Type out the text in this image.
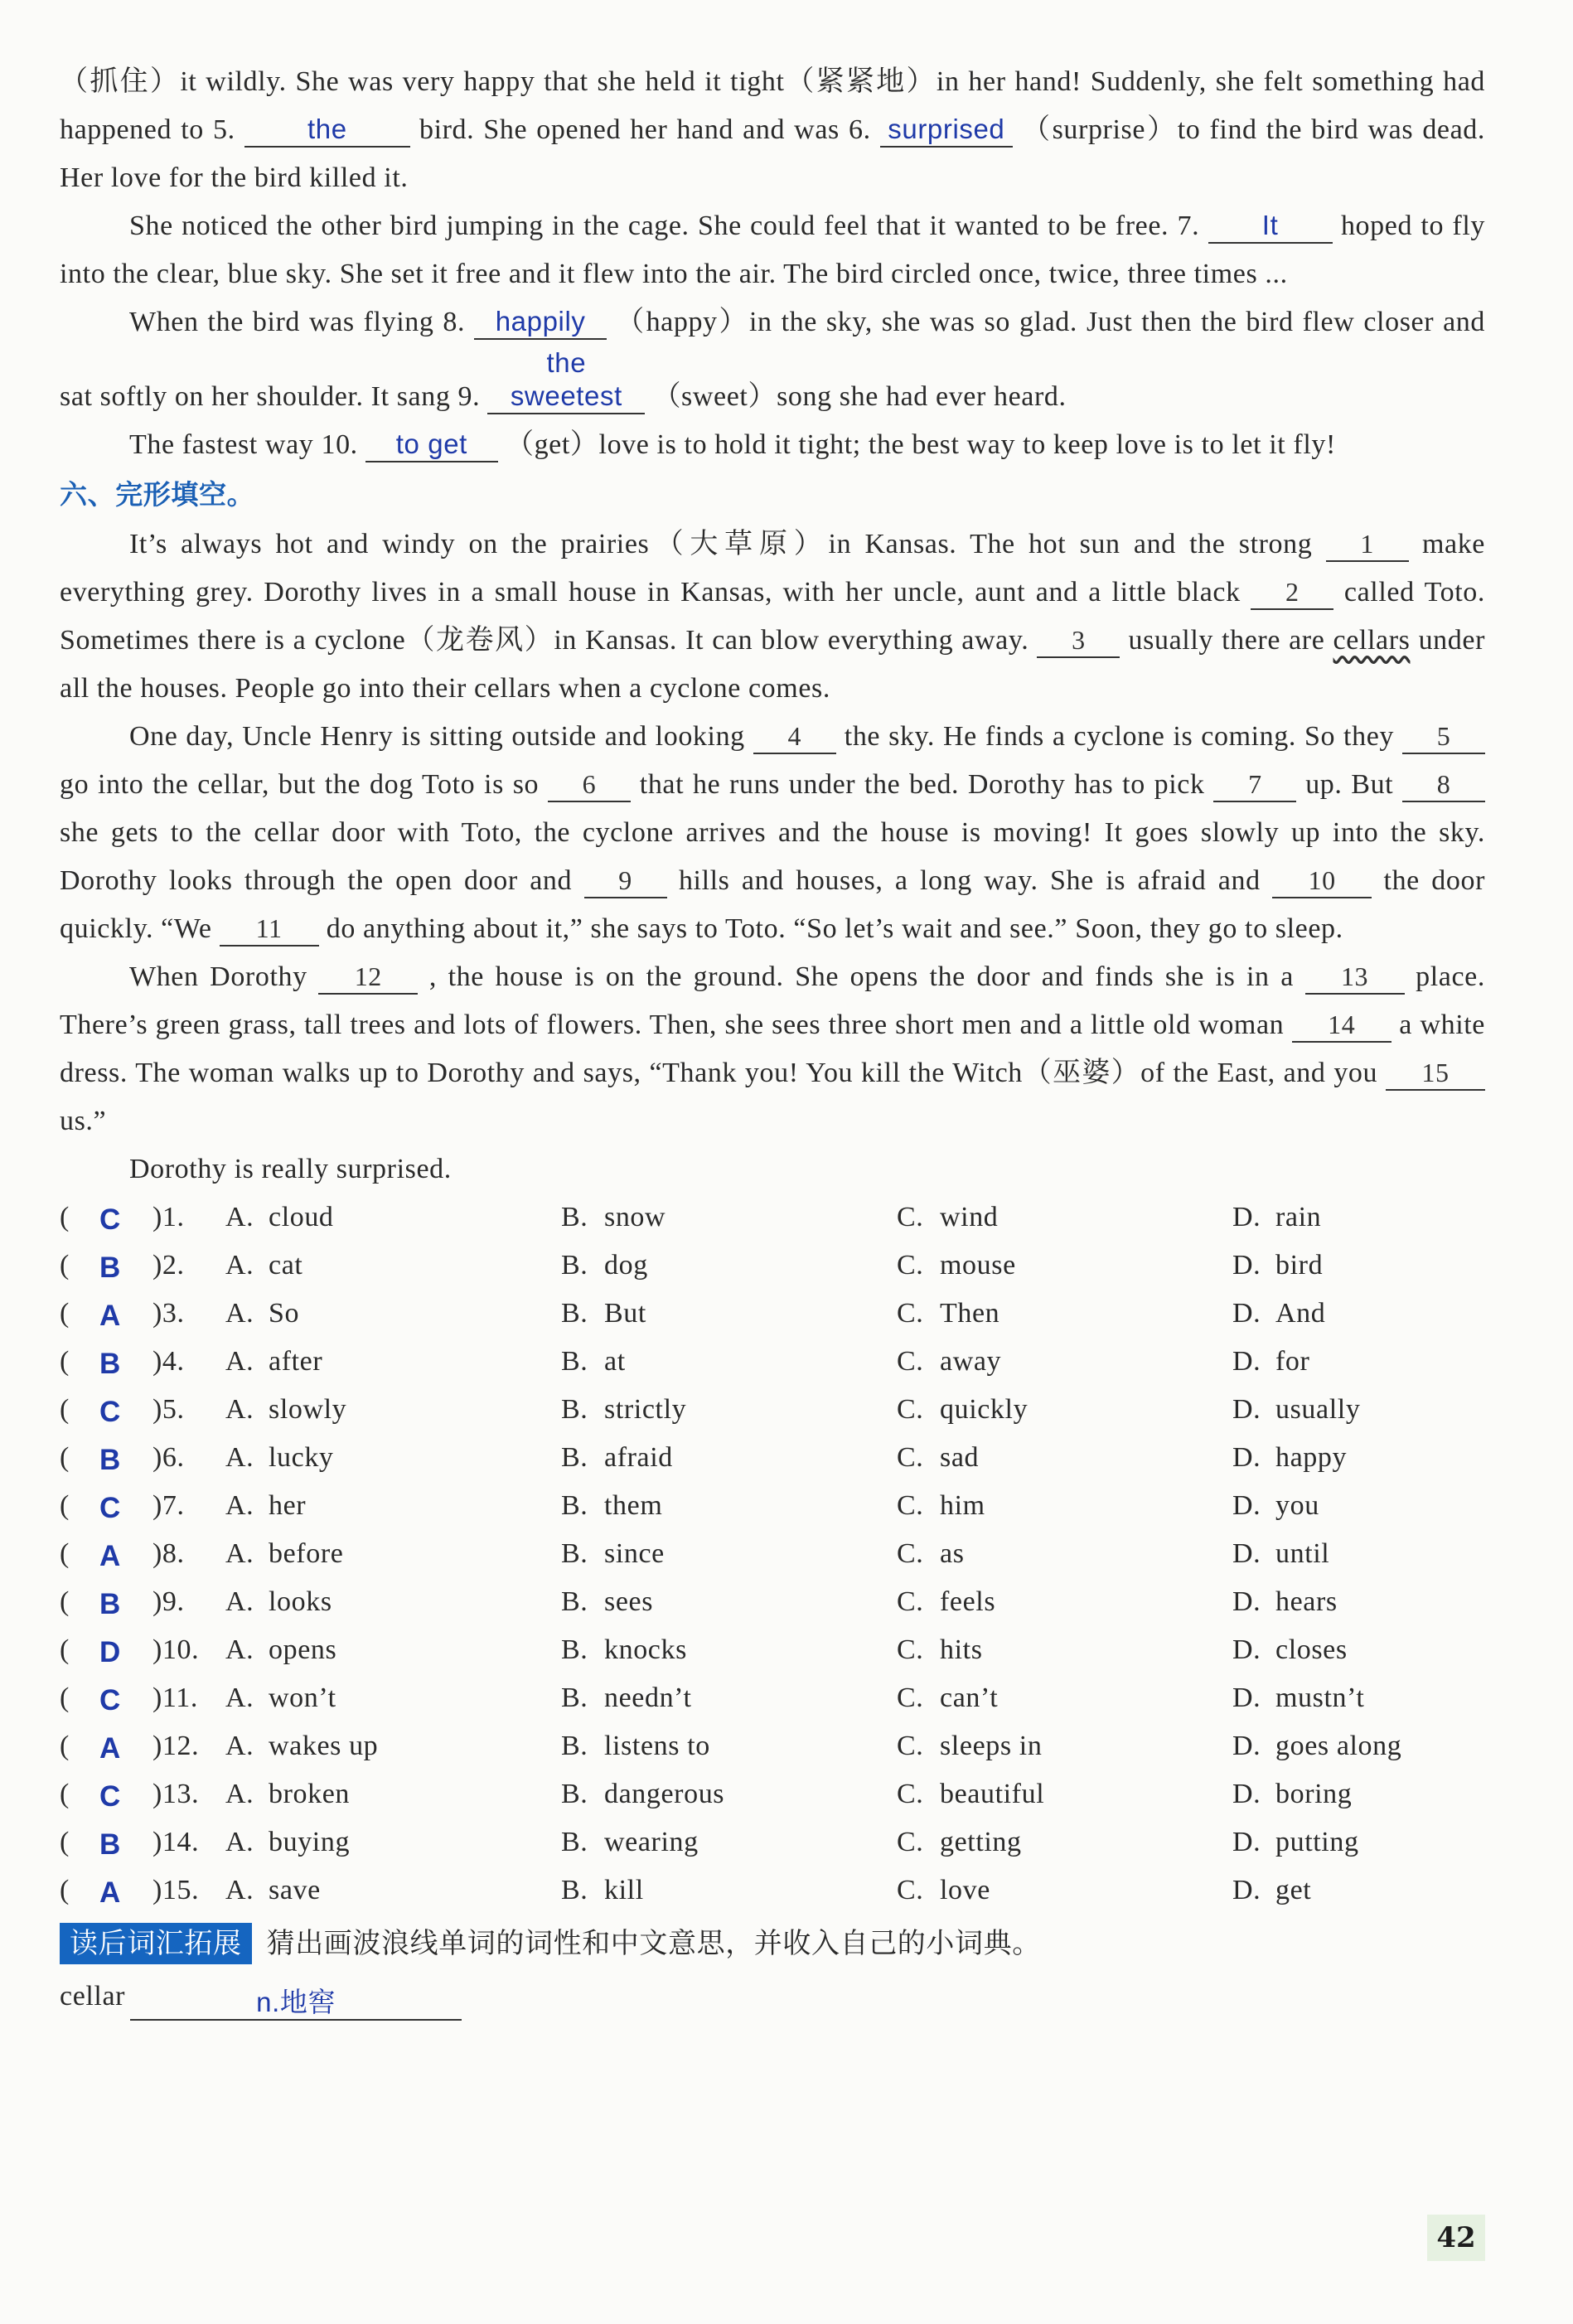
（抓住）it wildly. She was very happy that she held it tight（紧紧地）in her hand! Suddenly, she felt something had happened to 5.	the	bird. She opened her hand and was 6. surprised （surprise）to find the bird was dead. Her love for the bird killed it.

She noticed the other bird jumping in the cage. She could feel that it wanted to be free. 7. It hoped to fly into the clear, blue sky. She set it free and it flew into the air. The bird circled once, twice, three times ...

When the bird was flying 8. happily （happy）in the sky, she was so glad. Just then the bird flew closer and sat softly on her shoulder. It sang 9. the sweetest （sweet）song she had ever heard.

The fastest way 10. to get （get）love is to hold it tight; the best way to keep love is to let it fly!

六、完形填空。

It’s always hot and windy on the prairies（大草原）in Kansas. The hot sun and the strong 1 make everything grey. Dorothy lives in a small house in Kansas, with her uncle, aunt and a little black 2 called Toto. Sometimes there is a cyclone（龙卷风）in Kansas. It can blow everything away. 3 usually there are cellars under all the houses. People go into their cellars when a cyclone comes.

One day, Uncle Henry is sitting outside and looking 4 the sky. He finds a cyclone is coming. So they 5 go into the cellar, but the dog Toto is so 6 that he runs under the bed. Dorothy has to pick 7 up. But 8 she gets to the cellar door with Toto, the cyclone arrives and the house is moving! It goes slowly up into the sky. Dorothy looks through the open door and 9 hills and houses, a long way. She is afraid and 10 the door quickly. “We 11 do anything about it,” she says to Toto. “So let’s wait and see.” Soon, they go to sleep.

When Dorothy 12 , the house is on the ground. She opens the door and finds she is in a 13 place. There’s green grass, tall trees and lots of flowers. Then, she sees three short men and a little old woman 14 a white dress. The woman walks up to Dorothy and says, “Thank you! You kill the Witch（巫婆）of the East, and you 15 us.”

Dorothy is really surprised.

( C )1. A. cloud	B. snow	C. wind	D. rain
( B )2. A. cat	B. dog	C. mouse	D. bird
( A )3. A. So	B. But	C. Then	D. And
( B )4. A. after	B. at	C. away	D. for
( C )5. A. slowly	B. strictly	C. quickly	D. usually
( B )6. A. lucky	B. afraid	C. sad	D. happy
( C )7. A. her	B. them	C. him	D. you
( A )8. A. before	B. since	C. as	D. until
( B )9. A. looks	B. sees	C. feels	D. hears
( D )10. A. opens	B. knocks	C. hits	D. closes
( C )11. A. won’t	B. needn’t	C. can’t	D. mustn’t
( A )12. A. wakes up	B. listens to	C. sleeps in	D. goes along
( C )13. A. broken	B. dangerous	C. beautiful	D. boring
( B )14. A. buying	B. wearing	C. getting	D. putting
( A )15. A. save	B. kill	C. love	D. get
读后词汇拓展 猜出画波浪线单词的词性和中文意思，并收入自己的小词典。
cellar	n.地窖
42
